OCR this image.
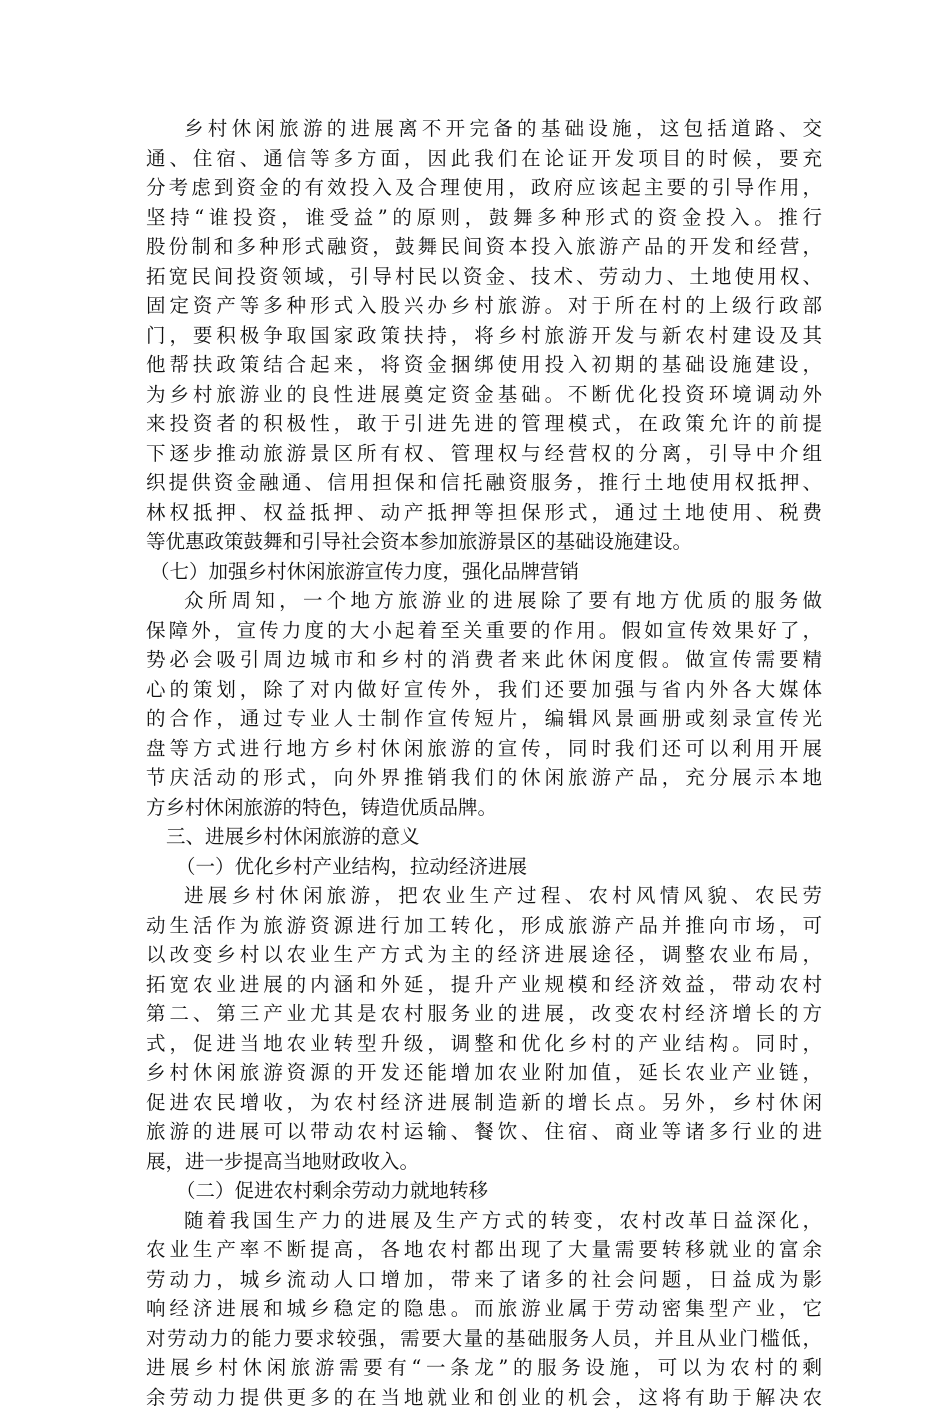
乡村休闲旅游的进展离不开完备的基础设施，这包括道路、交
通、住宿、通信等多方面，因此我们在论证开发项目的时候，要充
分考虑到资金的有效投入及合理使用，政府应该起主要的引导作用，
坚持“谁投资，谁受益”的原则，鼓舞多种形式的资金投入。推行
股份制和多种形式融资，鼓舞民间资本投入旅游产品的开发和经营，
拓宽民间投资领域，引导村民以资金、技术、劳动力、土地使用权、
固定资产等多种形式入股兴办乡村旅游。对于所在村的上级行政部
门，要积极争取国家政策扶持，将乡村旅游开发与新农村建设及其
他帮扶政策结合起来，将资金捆绑使用投入初期的基础设施建设，
为乡村旅游业的良性进展奠定资金基础。不断优化投资环境调动外
来投资者的积极性，敢于引进先进的管理模式，在政策允许的前提
下逐步推动旅游景区所有权、管理权与经营权的分离，引导中介组
织提供资金融通、信用担保和信托融资服务，推行土地使用权抵押、
林权抵押、权益抵押、动产抵押等担保形式，通过土地使用、税费
等优惠政策鼓舞和引导社会资本参加旅游景区的基础设施建设。
（七）加强乡村休闲旅游宣传力度，强化品牌营销
众所周知，一个地方旅游业的进展除了要有地方优质的服务做
保障外，宣传力度的大小起着至关重要的作用。假如宣传效果好了，
势必会吸引周边城市和乡村的消费者来此休闲度假。做宣传需要精
心的策划，除了对内做好宣传外，我们还要加强与省内外各大媒体
的合作，通过专业人士制作宣传短片，编辑风景画册或刻录宣传光
盘等方式进行地方乡村休闲旅游的宣传，同时我们还可以利用开展
节庆活动的形式，向外界推销我们的休闲旅游产品，充分展示本地
方乡村休闲旅游的特色，铸造优质品牌。
三、进展乡村休闲旅游的意义
（一）优化乡村产业结构，拉动经济进展
进展乡村休闲旅游，把农业生产过程、农村风情风貌、农民劳
动生活作为旅游资源进行加工转化，形成旅游产品并推向市场，可
以改变乡村以农业生产方式为主的经济进展途径，调整农业布局，
拓宽农业进展的内涵和外延，提升产业规模和经济效益，带动农村
第二、第三产业尤其是农村服务业的进展，改变农村经济增长的方
式，促进当地农业转型升级，调整和优化乡村的产业结构。同时，
乡村休闲旅游资源的开发还能增加农业附加值，延长农业产业链，
促进农民增收，为农村经济进展制造新的增长点。另外，乡村休闲
旅游的进展可以带动农村运输、餐饮、住宿、商业等诸多行业的进
展，进一步提高当地财政收入。
（二）促进农村剩余劳动力就地转移
随着我国生产力的进展及生产方式的转变，农村改革日益深化，
农业生产率不断提高，各地农村都出现了大量需要转移就业的富余
劳动力，城乡流动人口增加，带来了诸多的社会问题，日益成为影
响经济进展和城乡稳定的隐患。而旅游业属于劳动密集型产业，它
对劳动力的能力要求较强，需要大量的基础服务人员，并且从业门槛低，
进展乡村休闲旅游需要有“一条龙”的服务设施，可以为农村的剩
余劳动力提供更多的在当地就业和创业的机会，这将有助于解决农
